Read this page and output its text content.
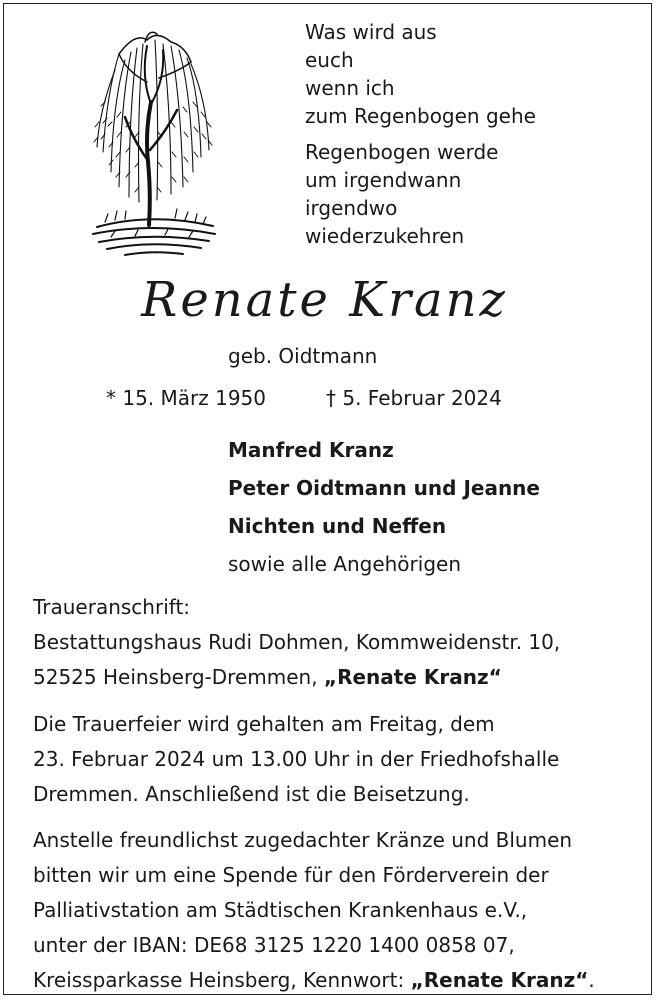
Was wird aus
euch
wenn ich
zum Regenbogen gehe
Regenbogen werde
um irgendwann
irgendwo
wiederzukehren
Renate Kranz
geb. Oidtmann
* 15. März 1950	† 5. Februar 2024
Manfred Kranz
Peter Oidtmann und Jeanne
Nichten und Neffen
sowie alle Angehörigen
Traueranschrift:
Bestattungshaus Rudi Dohmen, Kommweidenstr. 10,
52525 Heinsberg-Dremmen, „Renate Kranz“
Die Trauerfeier wird gehalten am Freitag, dem
23. Februar 2024 um 13.00 Uhr in der Friedhofshalle
Dremmen. Anschließend ist die Beisetzung.
Anstelle freundlichst zugedachter Kränze und Blumen
bitten wir um eine Spende für den Förderverein der
Palliativstation am Städtischen Krankenhaus e.V.,
unter der IBAN: DE68 3125 1220 1400 0858 07,
Kreissparkasse Heinsberg, Kennwort: „Renate Kranz“.
